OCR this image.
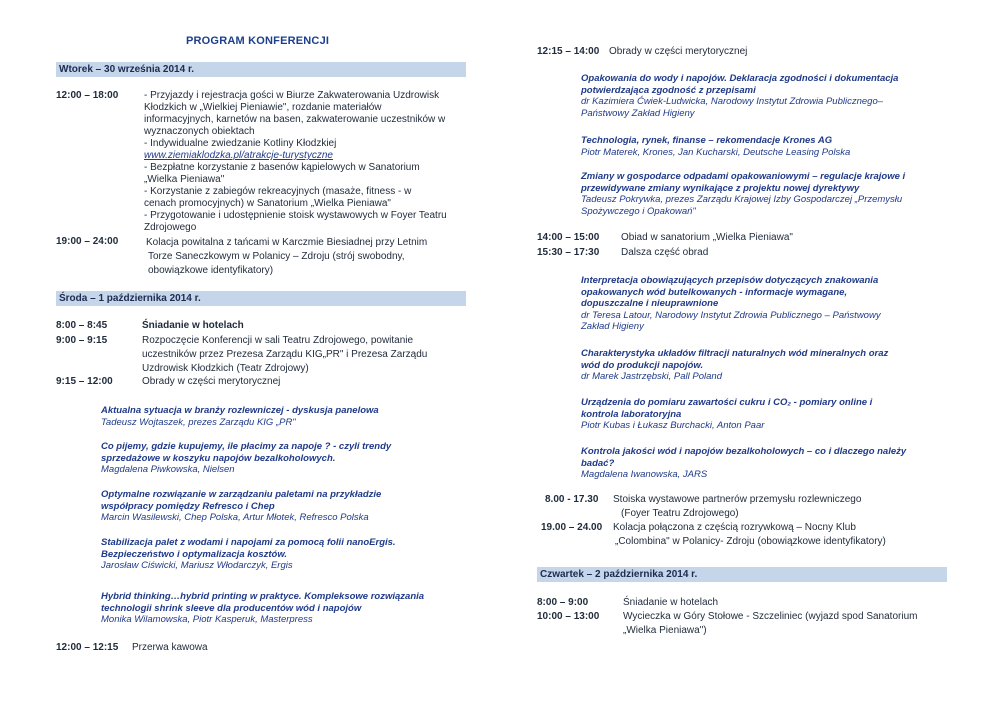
PROGRAM KONFERENCJI
Wtorek – 30 września 2014 r.
12:00 – 18:00	- Przyjazdy i rejestracja gości w Biurze Zakwaterowania Uzdrowisk
Kłodzkich w „Wielkiej Pieniawie", rozdanie materiałów
informacyjnych, karnetów na basen, zakwaterowanie uczestników w
wyznaczonych obiektach
- Indywidualne zwiedzanie Kotliny Kłodzkiej
www.ziemiaklodzka.pl/atrakcje-turystyczne
- Bezpłatne korzystanie z basenów kąpielowych w Sanatorium
„Wielka Pieniawa"
- Korzystanie z zabiegów rekreacyjnych (masaże, fitness - w
cenach promocyjnych) w Sanatorium „Wielka Pieniawa"
- Przygotowanie i udostępnienie stoisk wystawowych w Foyer Teatru
Zdrojowego
19:00 – 24:00	Kolacja powitalna z tańcami w Karczmie Biesiadnej przy Letnim
Torze Saneczkowym w Polanicy – Zdroju (strój swobodny,
obowiązkowe identyfikatory)
Środa – 1 października 2014 r.
8:00 – 8:45	Śniadanie w hotelach
9:00 – 9:15	Rozpoczęcie Konferencji w sali Teatru Zdrojowego, powitanie
uczestników przez Prezesa Zarządu KIG„PR" i Prezesa Zarządu
Uzdrowisk Kłodzkich (Teatr Zdrojowy)
9:15 – 12:00	Obrady w części merytorycznej
Aktualna sytuacja w branży rozlewniczej - dyskusja panelowa
Tadeusz Wojtaszek, prezes Zarządu KIG „PR"
Co pijemy, gdzie kupujemy, ile płacimy za napoje ? - czyli trendy
sprzedażowe w koszyku napojów bezalkoholowych.
Magdalena Piwkowska, Nielsen
Optymalne rozwiązanie w zarządzaniu paletami na przykładzie
współpracy pomiędzy Refresco i Chep
Marcin Wasilewski, Chep Polska, Artur Młotek, Refresco Polska
Stabilizacja palet z wodami i napojami za pomocą folii nanoErgis.
Bezpieczeństwo i optymalizacja kosztów.
Jarosław Ciświcki, Mariusz Włodarczyk, Ergis
Hybrid thinking…hybrid printing w praktyce. Kompleksowe rozwiązania
technologii shrink sleeve dla producentów wód i napojów
Monika Wilamowska, Piotr Kasperuk, Masterpress
12:00 – 12:15 Przerwa kawowa
12:15 – 14:00 Obrady w części merytorycznej
Opakowania do wody i napojów. Deklaracja zgodności i dokumentacja
potwierdzająca zgodność z przepisami
dr Kazimiera Ćwiek-Ludwicka, Narodowy Instytut Zdrowia Publicznego–
Państwowy Zakład Higieny
Technologia, rynek, finanse – rekomendacje Krones AG
Piotr Materek, Krones, Jan Kucharski, Deutsche Leasing Polska
Zmiany w gospodarce odpadami opakowaniowymi – regulacje krajowe i
przewidywane zmiany wynikające z projektu nowej dyrektywy
Tadeusz Pokrywka, prezes Zarządu Krajowej Izby Gospodarczej „Przemysłu
Spożywczego i Opakowań"
14:00 – 15:00 Obiad w sanatorium „Wielka Pieniawa"
15:30 – 17:30 Dalsza część obrad
Interpretacja obowiązujących przepisów dotyczących znakowania
opakowanych wód butelkowanych - informacje wymagane,
dopuszczalne i nieuprawnione
dr Teresa Latour, Narodowy Instytut Zdrowia Publicznego – Państwowy
Zakład Higieny
Charakterystyka układów filtracji naturalnych wód mineralnych oraz
wód do produkcji napojów.
dr Marek Jastrzębski, Pall Poland
Urządzenia do pomiaru zawartości cukru i CO₂ - pomiary online i
kontrola laboratoryjna
Piotr Kubas i Łukasz Burchacki, Anton Paar
Kontrola jakości wód i napojów bezalkoholowych – co i dlaczego należy
badać?
Magdalena Iwanowska, JARS
8.00 - 17.30 Stoiska wystawowe partnerów przemysłu rozlewniczego
(Foyer Teatru Zdrojowego)
19.00 – 24.00 Kolacja połączona z częścią rozrywkową – Nocny Klub
„Colombina" w Polanicy- Zdroju (obowiązkowe identyfikatory)
Czwartek – 2 października 2014 r.
8:00 – 9:00	Śniadanie w hotelach
10:00 – 13:00 Wycieczka w Góry Stołowe - Szczeliniec (wyjazd spod Sanatorium
„Wielka Pieniawa")
